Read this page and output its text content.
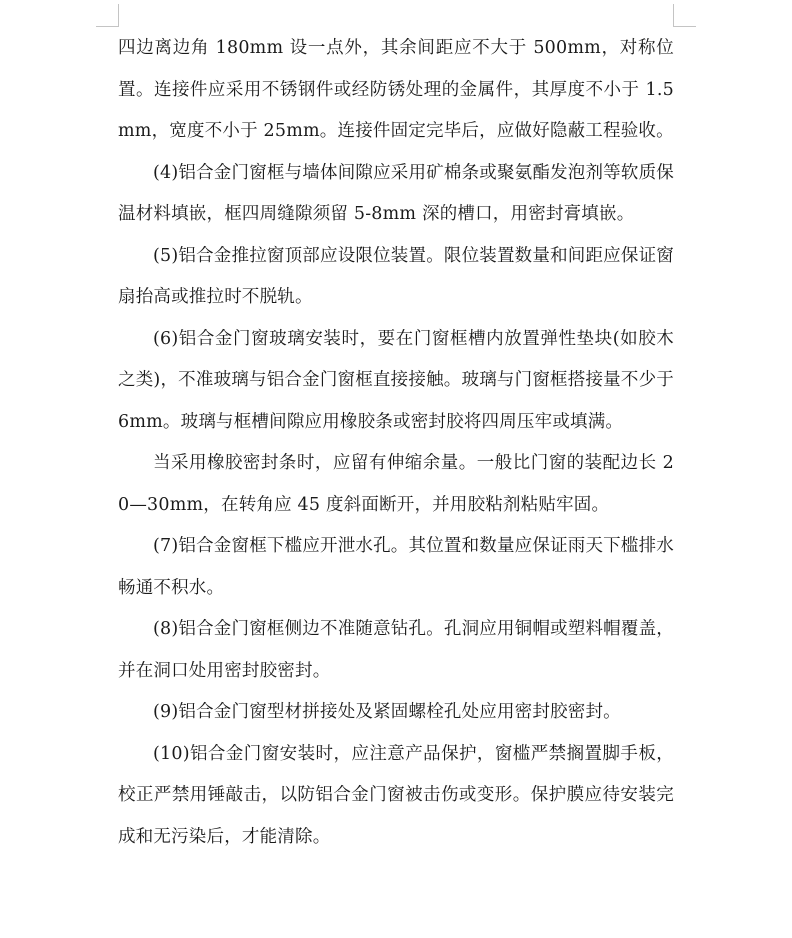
四边离边角 180mm 设一点外，其余间距应不大于 500mm，对称位置。连接件应采用不锈钢件或经防锈处理的金属件，其厚度不小于 1.5mm，宽度不小于 25mm。连接件固定完毕后，应做好隐蔽工程验收。

(4)铝合金门窗框与墙体间隙应采用矿棉条或聚氨酯发泡剂等软质保温材料填嵌，框四周缝隙须留 5-8mm 深的槽口，用密封膏填嵌。

(5)铝合金推拉窗顶部应设限位装置。限位装置数量和间距应保证窗扇抬高或推拉时不脱轨。

(6)铝合金门窗玻璃安装时，要在门窗框槽内放置弹性垫块(如胶木之类)，不准玻璃与铝合金门窗框直接接触。玻璃与门窗框搭接量不少于 6mm。玻璃与框槽间隙应用橡胶条或密封胶将四周压牢或填满。

当采用橡胶密封条时，应留有伸缩余量。一般比门窗的装配边长 20—30mm，在转角应 45 度斜面断开，并用胶粘剂粘贴牢固。

(7)铝合金窗框下槛应开泄水孔。其位置和数量应保证雨天下槛排水畅通不积水。

(8)铝合金门窗框侧边不准随意钻孔。孔洞应用铜帽或塑料帽覆盖，并在洞口处用密封胶密封。

(9)铝合金门窗型材拼接处及紧固螺栓孔处应用密封胶密封。

(10)铝合金门窗安装时，应注意产品保护，窗槛严禁搁置脚手板，校正严禁用锤敲击，以防铝合金门窗被击伤或变形。保护膜应待安装完成和无污染后，才能清除。
